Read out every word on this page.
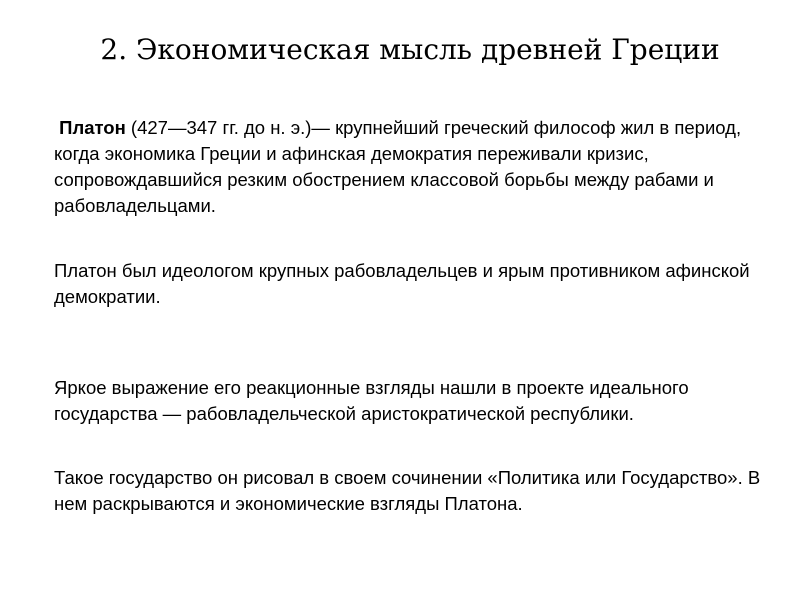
2. Экономическая мысль древней Греции

Платон (427—347 гг. до н. э.)— крупнейший греческий философ жил в период, когда экономика Греции и афинская демократия переживали кризис, сопровождавшийся резким обострением классовой борьбы между рабами и рабовладельцами.

Платон был идеологом крупных рабовладельцев и ярым противником афинской демократии.

Яркое выражение его реакционные взгляды нашли в проекте идеального государства — рабовладельческой аристократической республики.

Такое государство он рисовал в своем сочинении «Политика или Государство». В нем раскрываются и экономические взгляды Платона.
